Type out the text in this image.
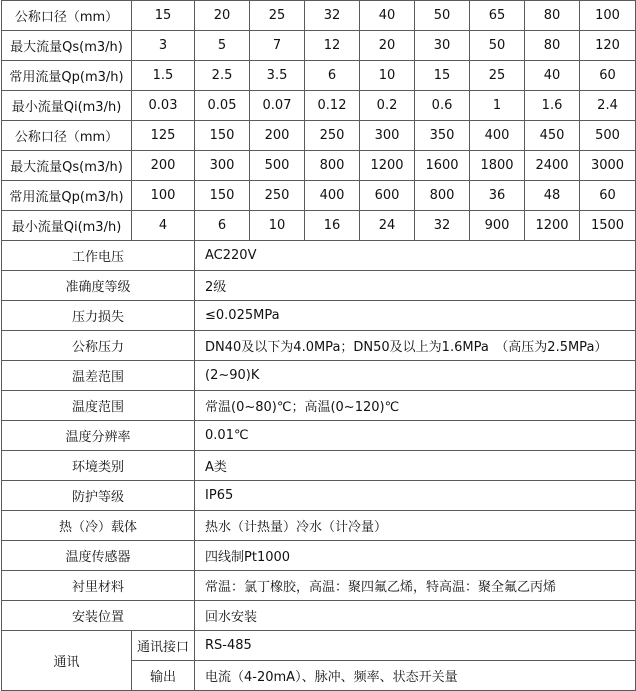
公称口径（mm）	15	20	25	32	40	50	65	80	100
最大流量Qs(m3/h)	3	5	7	12	20	30	50	80	120
常用流量Qp(m3/h)	1.5	2.5	3.5	6	10	15	25	40	60
最小流量Qi(m3/h)	0.03	0.05	0.07	0.12	0.2	0.6	1	1.6	2.4
公称口径（mm）	125	150	200	250	300	350	400	450	500
最大流量Qs(m3/h)	200	300	500	800	1200	1600	1800	2400	3000
常用流量Qp(m3/h)	100	150	250	400	600	800	36	48	60
最小流量Qi(m3/h)	4	6	10	16	24	32	900	1200	1500
工作电压		AC220V							
准确度等级		2级							
压力损失		≤0.025MPa							
公称压力		DN40及以下为4.0MPa；DN50及以上为1.6MPa　（高压为2.5MPa）							
温差范围		(2~90)K							
温度范围		常温(0~80)℃；高温(0~120)℃							
温度分辨率		0.01℃							
环境类别		A类							
防护等级		IP65							
热（冷）载体		热水（计热量）冷水（计冷量）							
温度传感器		四线制Pt1000							
衬里材料		常温：氯丁橡胶，高温：聚四氟乙烯，特高温：聚全氟乙丙烯							
安装位置		回水安装							
通讯	通讯接口	RS-485							
	输出	电流（4-20mA）、脉冲、频率、状态开关量							
